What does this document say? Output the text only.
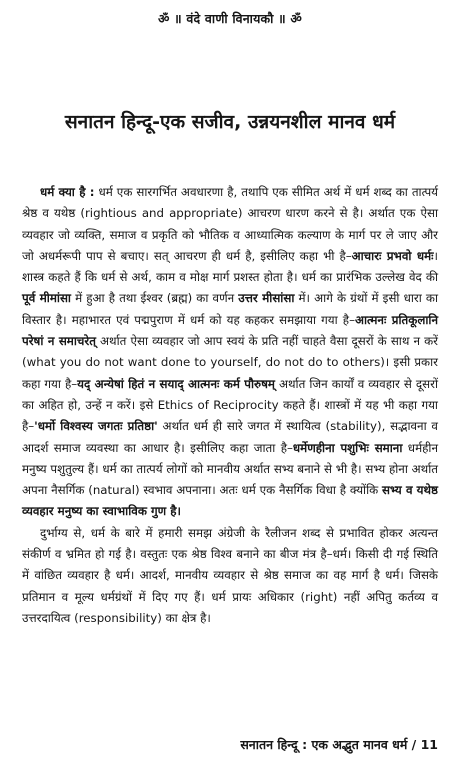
ॐ ॥ वंदे वाणी विनायकौ ॥ ॐ
सनातन हिन्दू-एक सजीव, उन्नयनशील मानव धर्म

धर्म क्या है : धर्म एक सारगर्भित अवधारणा है, तथापि एक सीमित अर्थ में धर्म शब्द का तात्पर्य श्रेष्ठ व यथेष्ठ (rightious and appropriate) आचरण धारण करने से है। अर्थात एक ऐसा व्यवहार जो व्यक्ति, समाज व प्रकृति को भौतिक व आध्यात्मिक कल्याण के मार्ग पर ले जाए और जो अधर्मरूपी पाप से बचाए। सत् आचरण ही धर्म है, इसीलिए कहा भी है–आचारः प्रभवो धर्मः। शास्त्र कहते हैं कि धर्म से अर्थ, काम व मोक्ष मार्ग प्रशस्त होता है। धर्म का प्रारंभिक उल्लेख वेद की पूर्व मीमांसा में हुआ है तथा ईश्वर (ब्रह्म) का वर्णन उत्तर मीसांसा में। आगे के ग्रंथों में इसी धारा का विस्तार है। महाभारत एवं पद्मपुराण में धर्म को यह कहकर समझाया गया है–आत्मनः प्रतिकूलानि परेषां न समाचरेत् अर्थात ऐसा व्यवहार जो आप स्वयं के प्रति नहीं चाहते वैसा दूसरों के साथ न करें (what you do not want done to yourself, do not do to others)। इसी प्रकार कहा गया है–यद् अन्येषां हितं न सयाद् आत्मनः कर्म पौरुषम् अर्थात जिन कार्यों व व्यवहार से दूसरों का अहित हो, उन्हें न करें। इसे Ethics of Reciprocity कहते हैं। शास्त्रों में यह भी कहा गया है–'धर्मो विश्वस्य जगतः प्रतिष्ठा' अर्थात धर्म ही सारे जगत में स्थायित्व (stability), सद्भावना व आदर्श समाज व्यवस्था का आधार है। इसीलिए कहा जाता है–धर्मेणहीना पशुभिः समाना धर्महीन मनुष्य पशुतुल्य हैं। धर्म का तात्पर्य लोगों को मानवीय अर्थात सभ्य बनाने से भी है। सभ्य होना अर्थात अपना नैसर्गिक (natural) स्वभाव अपनाना। अतः धर्म एक नैसर्गिक विधा है क्योंकि सभ्य व यथेष्ठ व्यवहार मनुष्य का स्वाभाविक गुण है।

दुर्भाग्य से, धर्म के बारे में हमारी समझ अंग्रेजी के रैलीजन शब्द से प्रभावित होकर अत्यन्त संकीर्ण व भ्रमित हो गई है। वस्तुतः एक श्रेष्ठ विश्व बनाने का बीज मंत्र है–धर्म। किसी दी गई स्थिति में वांछित व्यवहार है धर्म। आदर्श, मानवीय व्यवहार से श्रेष्ठ समाज का वह मार्ग है धर्म। जिसके प्रतिमान व मूल्य धर्मग्रंथों में दिए गए हैं। धर्म प्रायः अधिकार (right) नहीं अपितु कर्तव्य व उत्तरदायित्व (responsibility) का क्षेत्र है।

सनातन हिन्दू : एक अद्भुत मानव धर्म / 11
